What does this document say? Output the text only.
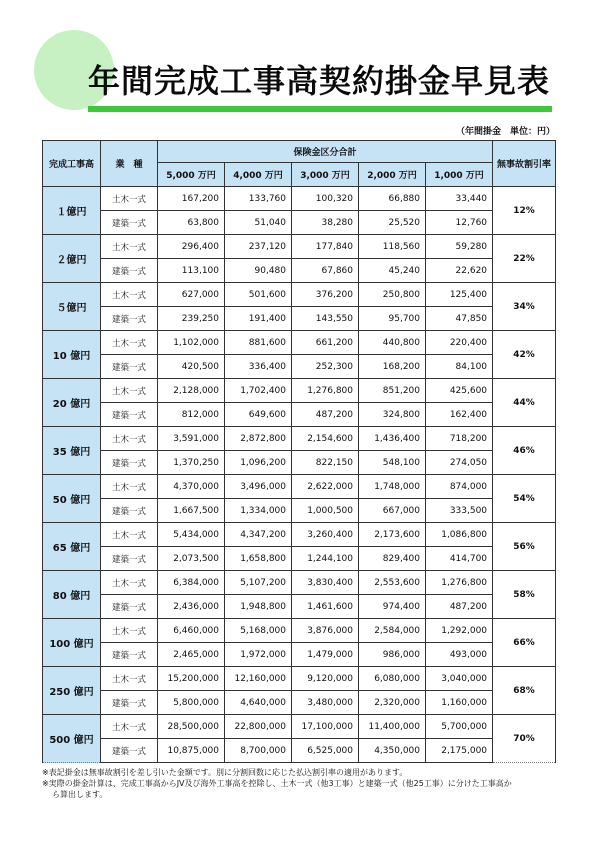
年間完成工事高契約掛金早見表
（年間掛金　単位：円）
完成工事高	業　種	保険金区分合計					無事故割引率
		5,000 万円	4,000 万円	3,000 万円	2,000 万円	1,000 万円	
１億円	土木一式	167,200	133,760	100,320	66,880	33,440	12%
	建築一式	63,800	51,040	38,280	25,520	12,760	
２億円	土木一式	296,400	237,120	177,840	118,560	59,280	22%
	建築一式	113,100	90,480	67,860	45,240	22,620	
５億円	土木一式	627,000	501,600	376,200	250,800	125,400	34%
	建築一式	239,250	191,400	143,550	95,700	47,850	
10 億円	土木一式	1,102,000	881,600	661,200	440,800	220,400	42%
	建築一式	420,500	336,400	252,300	168,200	84,100	
20 億円	土木一式	2,128,000	1,702,400	1,276,800	851,200	425,600	44%
	建築一式	812,000	649,600	487,200	324,800	162,400	
35 億円	土木一式	3,591,000	2,872,800	2,154,600	1,436,400	718,200	46%
	建築一式	1,370,250	1,096,200	822,150	548,100	274,050	
50 億円	土木一式	4,370,000	3,496,000	2,622,000	1,748,000	874,000	54%
	建築一式	1,667,500	1,334,000	1,000,500	667,000	333,500	
65 億円	土木一式	5,434,000	4,347,200	3,260,400	2,173,600	1,086,800	56%
	建築一式	2,073,500	1,658,800	1,244,100	829,400	414,700	
80 億円	土木一式	6,384,000	5,107,200	3,830,400	2,553,600	1,276,800	58%
	建築一式	2,436,000	1,948,800	1,461,600	974,400	487,200	
100 億円	土木一式	6,460,000	5,168,000	3,876,000	2,584,000	1,292,000	66%
	建築一式	2,465,000	1,972,000	1,479,000	986,000	493,000	
250 億円	土木一式	15,200,000	12,160,000	9,120,000	6,080,000	3,040,000	68%
	建築一式	5,800,000	4,640,000	3,480,000	2,320,000	1,160,000	
500 億円	土木一式	28,500,000	22,800,000	17,100,000	11,400,000	5,700,000	70%
	建築一式	10,875,000	8,700,000	6,525,000	4,350,000	2,175,000	

※表記掛金は無事故割引を差し引いた金額です。別に分割回数に応じた払込割引率の適用があります。

※実際の掛金計算は、完成工事高からJV及び海外工事高を控除し、土木一式（他3工事）と建築一式（他25工事）に分けた工事高か

ら算出します。
